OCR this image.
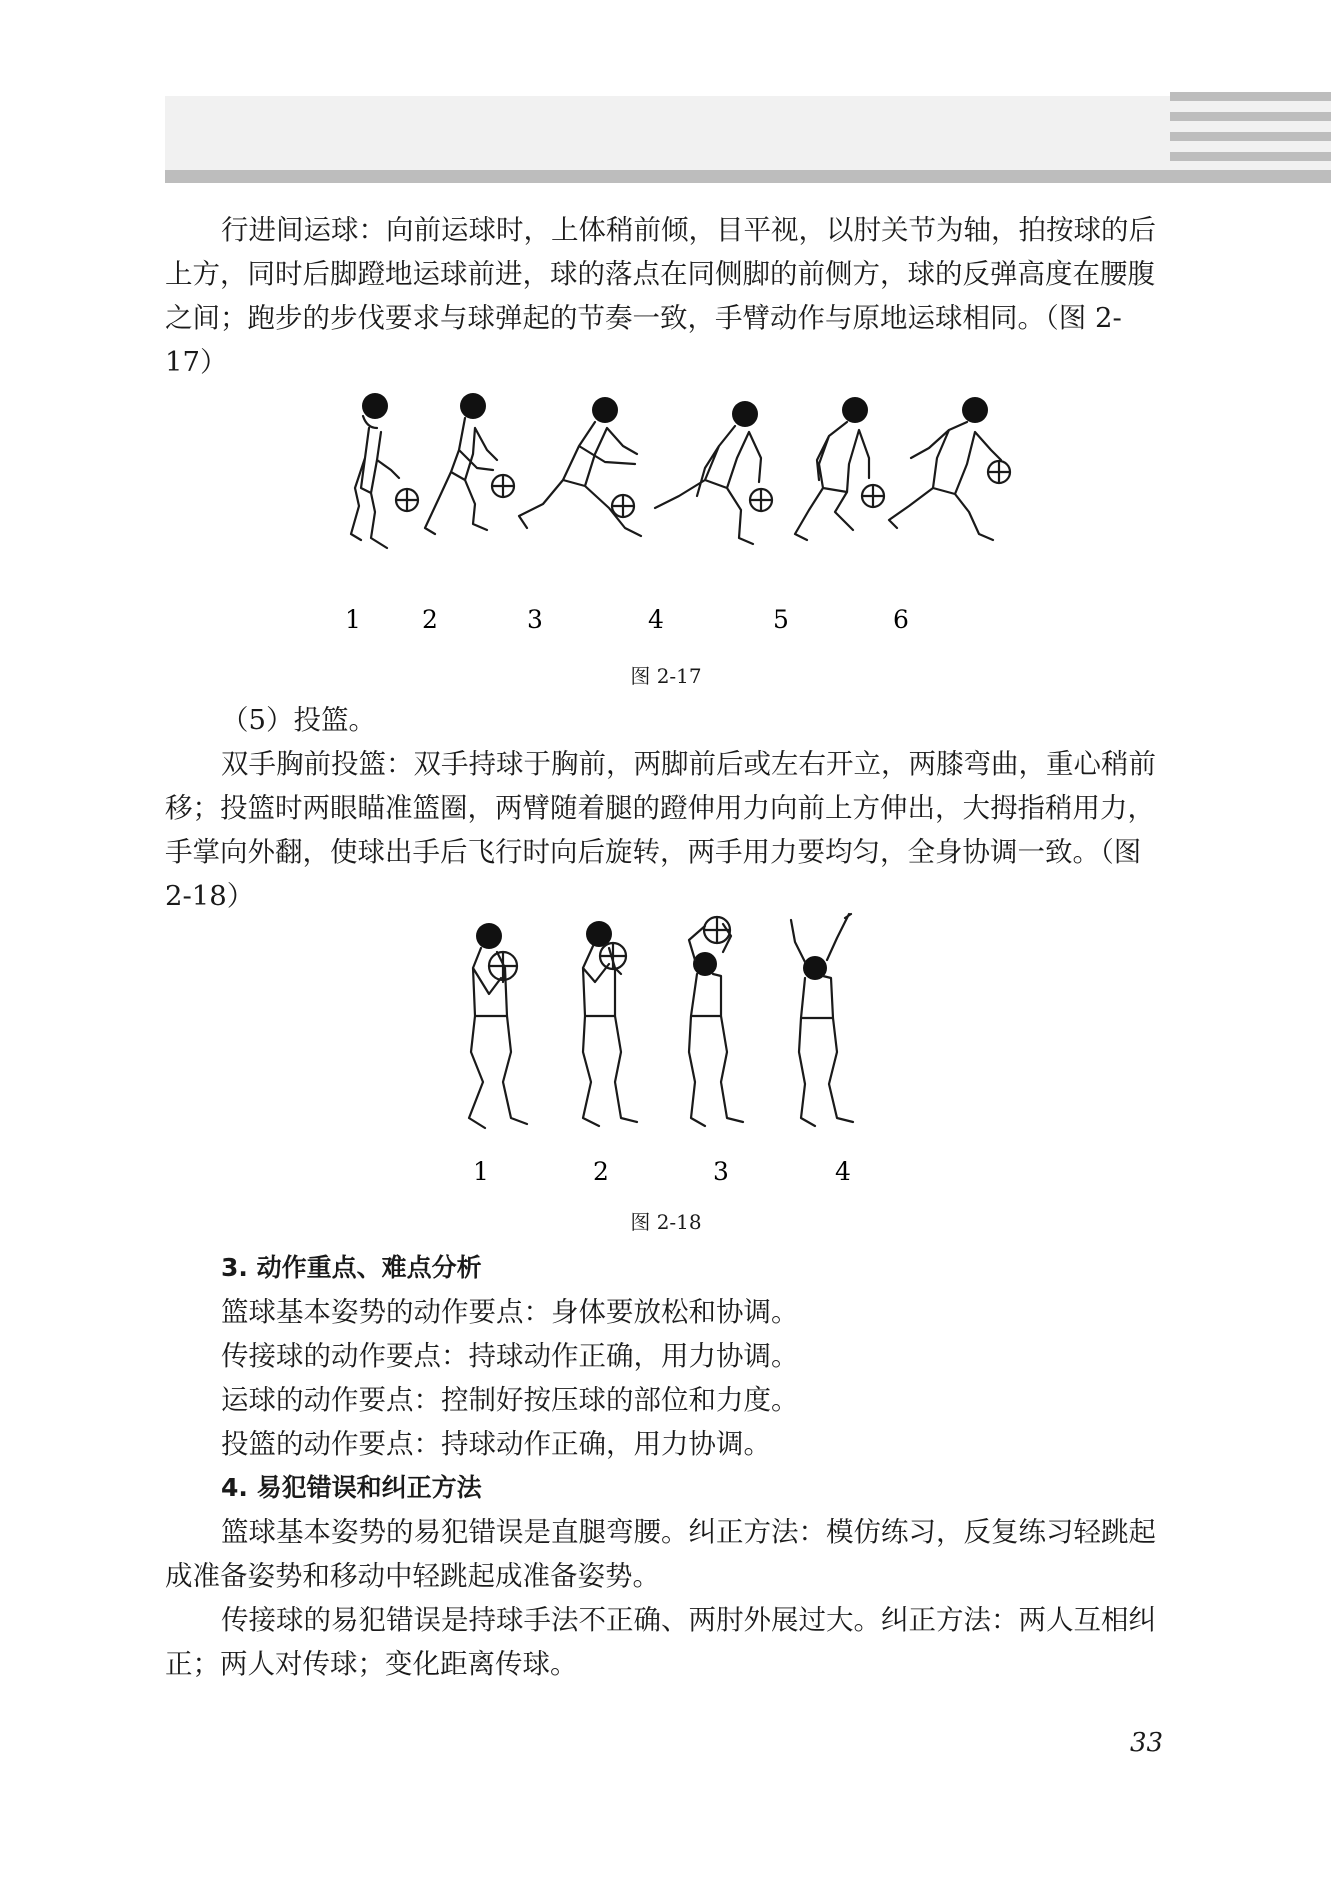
行进间运球：向前运球时，上体稍前倾，目平视，以肘关节为轴，拍按球的后上方，同时后脚蹬地运球前进，球的落点在同侧脚的前侧方，球的反弹高度在腰腹之间；跑步的步伐要求与球弹起的节奏一致，手臂动作与原地运球相同。（图 2-17）

1 2	3	4	5	6
图 2-17

（5）投篮。

双手胸前投篮：双手持球于胸前，两脚前后或左右开立，两膝弯曲，重心稍前移；投篮时两眼瞄准篮圈，两臂随着腿的蹬伸用力向前上方伸出，大拇指稍用力，手掌向外翻，使球出手后飞行时向后旋转，两手用力要均匀，全身协调一致。（图 2-18）

1	2	3	4
图 2-18

3. 动作重点、难点分析

篮球基本姿势的动作要点：身体要放松和协调。

传接球的动作要点：持球动作正确，用力协调。

运球的动作要点：控制好按压球的部位和力度。

投篮的动作要点：持球动作正确，用力协调。

4. 易犯错误和纠正方法

篮球基本姿势的易犯错误是直腿弯腰。纠正方法：模仿练习，反复练习轻跳起成准备姿势和移动中轻跳起成准备姿势。

传接球的易犯错误是持球手法不正确、两肘外展过大。纠正方法：两人互相纠正；两人对传球；变化距离传球。

33
